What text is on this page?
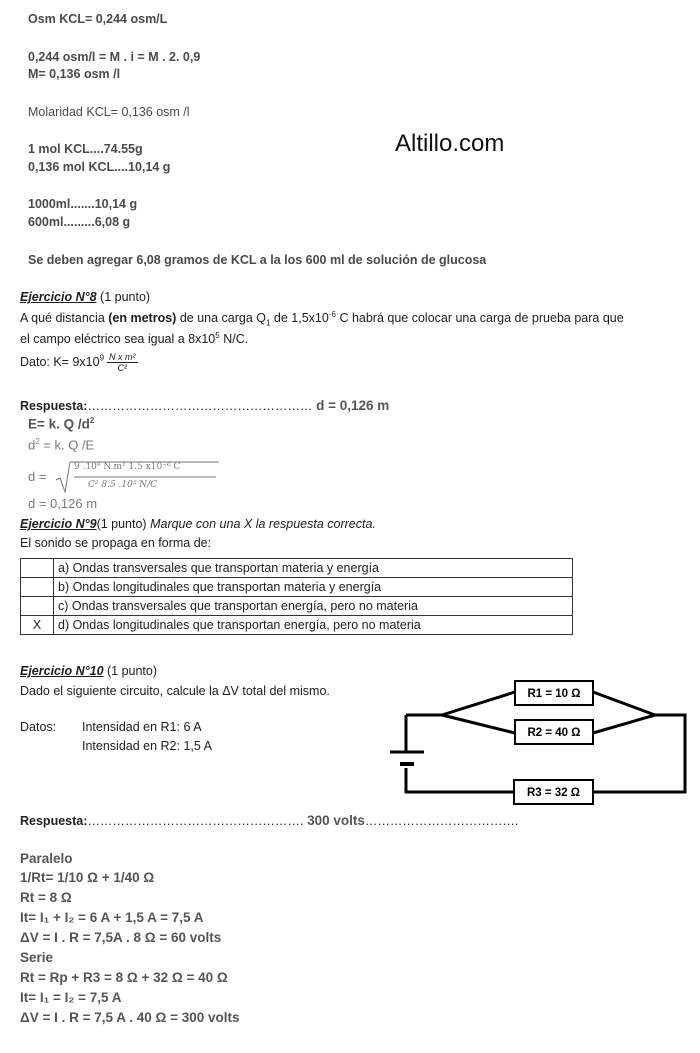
Osm KCL= 0,244 osm/L
0,244 osm/l = M . i = M . 2. 0,9
M= 0,136 osm /l
Molaridad KCL= 0,136 osm /l
1 mol KCL....74.55g
0,136 mol KCL....10,14 g
1000ml.......10,14 g
600ml.........6,08 g
Se deben agregar 6,08 gramos de KCL a la los 600 ml de solución de glucosa
Altillo.com
Ejercicio N°8 (1 punto)
A qué distancia (en metros) de una carga $Q_1$ de $1,5x10^{-6}$ C habrá que colocar una carga de prueba para que
el campo eléctrico sea igual a $8x10^5$ N/C.
Dato: $K= 9x10^9 \frac{\text{N x m²}}{\text{C²}}$
Respuesta:……………………………………………… d = 0,126 m
E= k. Q $/d^2$
$d^2 = k$. Q /E
d =
9 .10⁹ N.m² 1.5 x10⁻⁶ C
C² 8.5 .10⁵ N/C
d = 0,126 m
Ejercicio N°9(1 punto) Marque con una X la respuesta correcta.
El sonido se propaga en forma de:
	a) Ondas transversales que transportan materia y energía
	b) Ondas longitudinales que transportan materia y energía
	c) Ondas transversales que transportan energía, pero no materia
X	d) Ondas longitudinales que transportan energía, pero no materia
Ejercicio N°10 (1 punto)
Dado el siguiente circuito, calcule la ΔV total del mismo.
Datos: Intensidad en R1: 6 A
Intensidad en R2: 1,5 A
R1 = 10 Ω
R2 = 40 Ω
R3 = 32 Ω
Respuesta:……………………………………………. 300 volts……………………………….
Paralelo
1/Rt= 1/10 Ω + 1/40 Ω
Rt = 8 Ω
It= I₁ + I₂ = 6 A + 1,5 A = 7,5 A
ΔV = I . R = 7,5A . 8 Ω = 60 volts
Serie
Rt = Rp + R3 = 8 Ω + 32 Ω = 40 Ω
It= I₁ = I₂ = 7,5 A
ΔV = I . R = 7,5 A . 40 Ω = 300 volts
